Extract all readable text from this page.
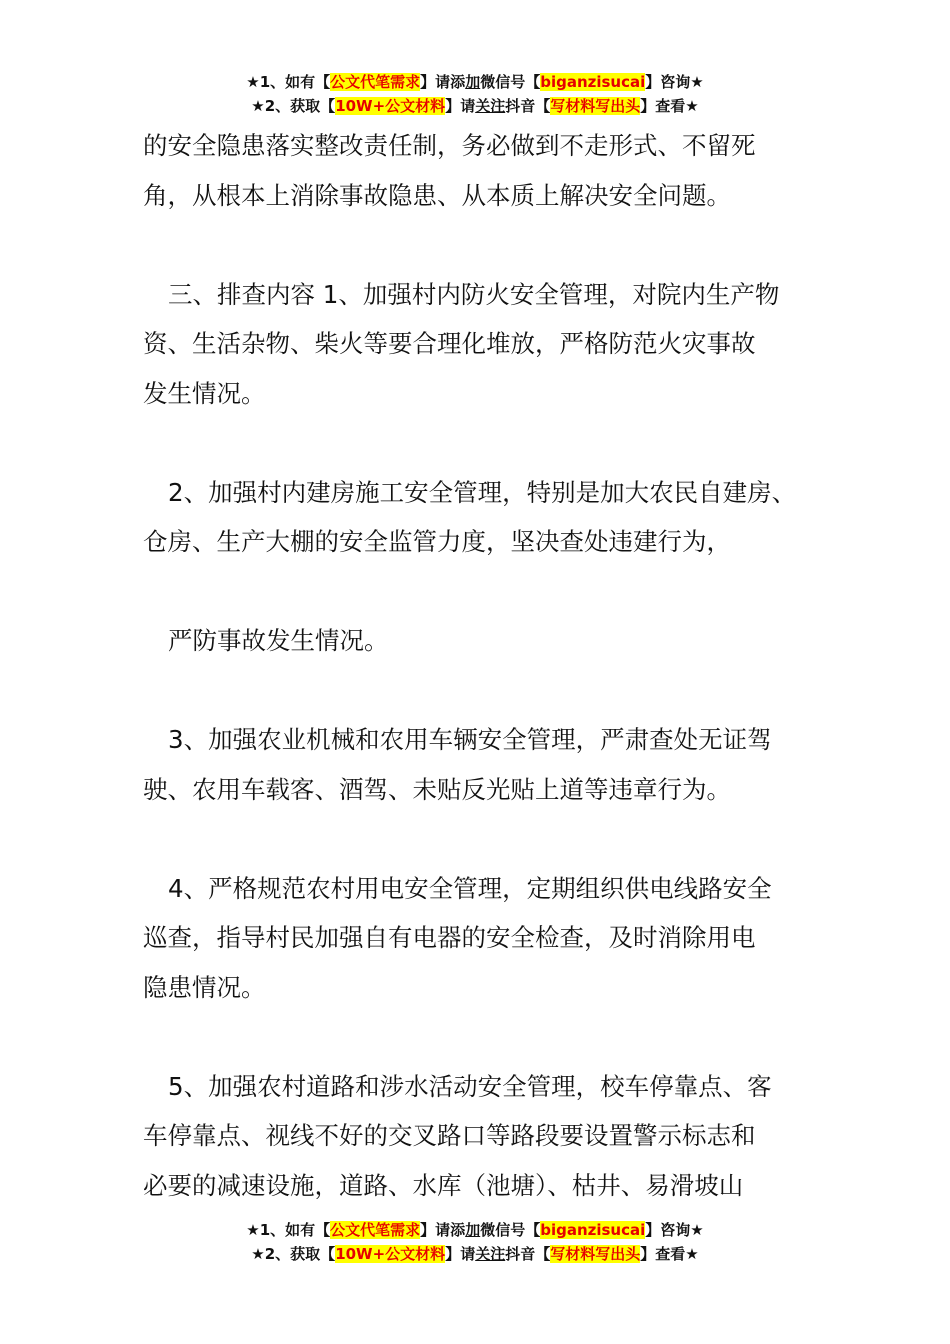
★1、如有【公文代笔需求】请添加微信号【biganzisucai】咨询★
★2、获取【10W+公文材料】请关注抖音【写材料写出头】查看★

的安全隐患落实整改责任制，务必做到不走形式、不留死

角，从根本上消除事故隐患、从本质上解决安全问题。

三、排查内容 1、加强村内防火安全管理，对院内生产物

资、生活杂物、柴火等要合理化堆放，严格防范火灾事故

发生情况。

2、加强村内建房施工安全管理，特别是加大农民自建房、

仓房、生产大棚的安全监管力度，坚决查处违建行为，

严防事故发生情况。

3、加强农业机械和农用车辆安全管理，严肃查处无证驾

驶、农用车载客、酒驾、未贴反光贴上道等违章行为。

4、严格规范农村用电安全管理，定期组织供电线路安全

巡查，指导村民加强自有电器的安全检查，及时消除用电

隐患情况。

5、加强农村道路和涉水活动安全管理，校车停靠点、客

车停靠点、视线不好的交叉路口等路段要设置警示标志和

必要的减速设施，道路、水库（池塘）、枯井、易滑坡山

★1、如有【公文代笔需求】请添加微信号【biganzisucai】咨询★
★2、获取【10W+公文材料】请关注抖音【写材料写出头】查看★
